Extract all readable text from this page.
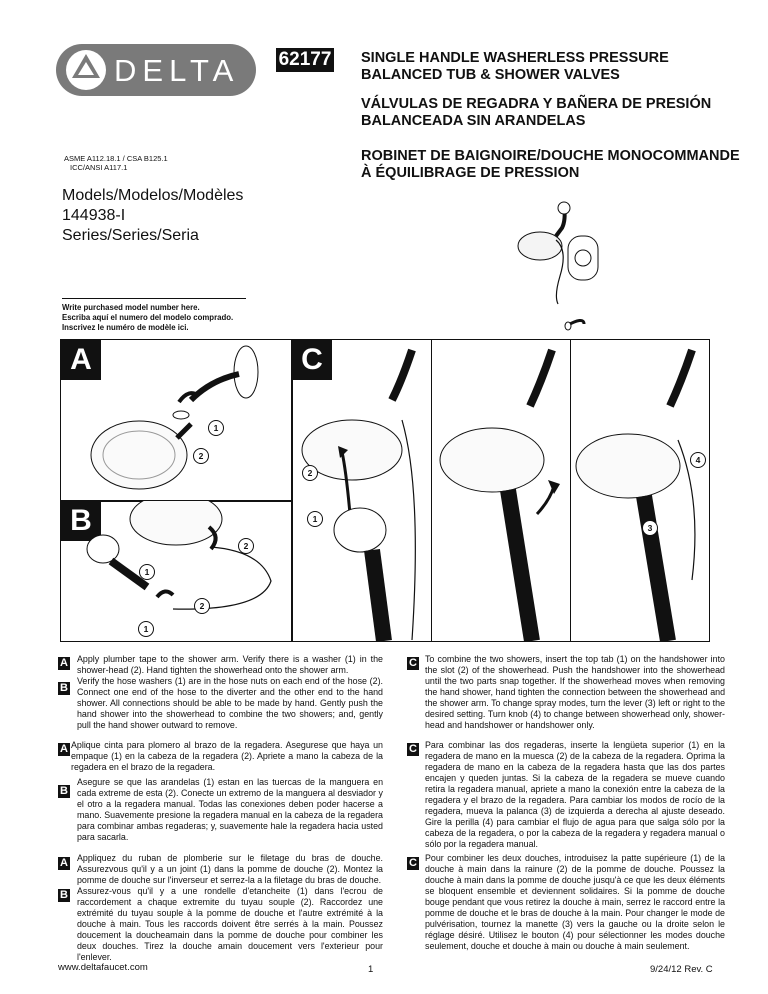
DELTA 62177 SINGLE HANDLE WASHERLESS PRESSURE
BALANCED TUB & SHOWER VALVES
VÁLVULAS DE REGADRA Y BAÑERA DE PRESIÓN
BALANCEADA SIN ARANDELAS
ROBINET DE BAIGNOIRE/DOUCHE MONOCOMMANDE
À ÉQUILIBRAGE DE PRESSION
ASME A112.18.1 / CSA B125.1
ICC/ANSI A117.1
Models/Modelos/Modèles
144938-I
Series/Series/Seria
Write purchased model number here.
Escriba aquí el numero del modelo comprado.
Inscrivez le numéro de modèle ici.
A
1
2
B
2
1
2
1
C
2
1
4
3
A Apply plumber tape to the shower arm. Verify there is a washer (1) in the shower-head (2). Hand tighten the showerhead onto the shower arm.
B
Verify the hose washers (1) are in the hose nuts on each end of the hose (2). Connect one end of the hose to the diverter and the other end to the hand shower. All connections should be able to be made by hand. Gently push the hand shower into the showerhead to combine the two showers; and, gently pull the hand shower outward to remove.
C To combine the two showers, insert the top tab (1) on the handshower into the slot (2) of the showerhead. Push the handshower into the showerhead until the two parts snap together. If the showerhead moves when removing the hand shower, hand tighten the connection between the showerhead and the shower arm. To change spray modes, turn the lever (3) left or right to the desired setting. Turn knob (4) to change between showerhead only, shower-head and handshower or handshower only.
A Aplique cinta para plomero al brazo de la regadera. Asegurese que haya un empaque (1) en la cabeza de la regadera (2). Apriete a mano la cabeza de la regadera en el brazo de la regadera.
B
Asegure se que las arandelas (1) estan en las tuercas de la manguera en cada extreme de esta (2). Conecte un extremo de la manguera al desviador y el otro a la regadera manual. Todas las conexiones deben poder hacerse a mano. Suavemente presione la regadera manual en la cabeza de la regadera para combinar ambas regaderas; y, suavemente hale la regadera hacia usted para sacarla.
C Para combinar las dos regaderas, inserte la lengüeta superior (1) en la regadera de mano en la muesca (2) de la cabeza de la regadera. Oprima la regadera de mano en la cabeza de la regadera hasta que las dos partes encajen y queden juntas. Si la cabeza de la regadera se mueve cuando retira la regadera manual, apriete a mano la conexión entre la cabeza de la regadera y el brazo de la regadera. Para cambiar los modos de rocío de la regadera, mueva la palanca (3) de izquierda a derecha al ajuste deseado. Gire la perilla (4) para cambiar el flujo de agua para que salga sólo por la cabeza de la regadera, o por la cabeza de la regadera y regadera manual o sólo por la regadera manual.
A Appliquez du ruban de plomberie sur le filetage du bras de douche. Assurezvous qu'il y a un joint (1) dans la pomme de douche (2). Montez la pomme de douche sur l'inverseur et serrez-la a la filetage du bras de douche.
B Assurez-vous qu'il y a une rondelle d'etancheite (1) dans l'ecrou de raccordement a chaque extremite du tuyau souple (2). Raccordez une extrémité du tuyau souple à la pomme de douche et l'autre extrémité à la douche à main. Tous les raccords doivent être serrés à la main. Poussez doucement la doucheamain dans la pomme de douche pour combiner les deux douches. Tirez la douche amain doucement vers l'exterieur pour l'enlever.
C Pour combiner les deux douches, introduisez la patte supérieure (1) de la douche à main dans la rainure (2) de la pomme de douche. Poussez la douche à main dans la pomme de douche jusqu'à ce que les deux éléments se bloquent ensemble et deviennent solidaires. Si la pomme de douche bouge pendant que vous retirez la douche à main, serrez le raccord entre la pomme de douche et le bras de douche à la main. Pour changer le mode de pulvérisation, tournez la manette (3) vers la gauche ou la droite selon le réglage désiré. Utilisez le bouton (4) pour sélectionner les modes douche seulement, douche et douche à main ou douche à main seulement.
www.deltafaucet.com	1	9/24/12 Rev. C
